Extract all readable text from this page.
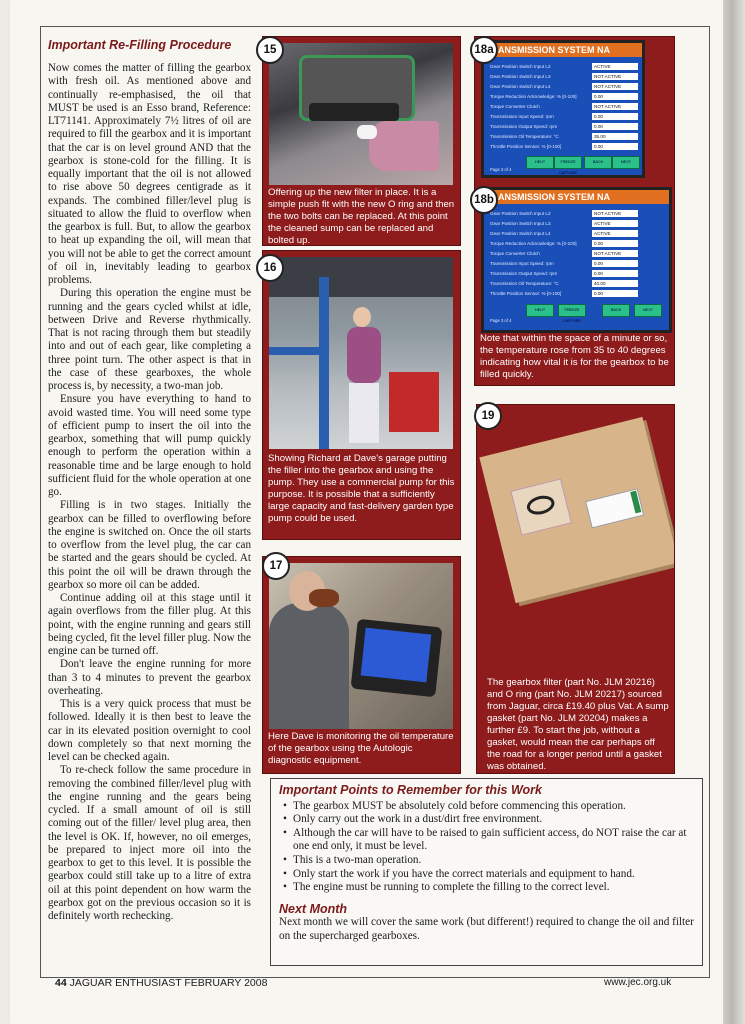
Important Re-Filling Procedure

Now comes the matter of filling the gearbox with fresh oil. As mentioned above and continually re-emphasised, the oil that MUST be used is an Esso brand, Reference: LT71141. Approximately 7½ litres of oil are required to fill the gearbox and it is important that the car is on level ground AND that the gearbox is stone-cold for the filling. It is equally important that the oil is not allowed to rise above 50 degrees centigrade as it expands. The combined filler/level plug is situated to allow the fluid to overflow when the gearbox is full. But, to allow the gearbox to heat up expanding the oil, will mean that you will not be able to get the correct amount of oil in, inevitably leading to gearbox problems.

During this operation the engine must be running and the gears cycled whilst at idle, between Drive and Reverse rhythmically. That is not racing through them but steadily into and out of each gear, like completing a three point turn. The other aspect is that in the case of these gearboxes, the whole process is, by necessity, a two-man job.

Ensure you have everything to hand to avoid wasted time. You will need some type of efficient pump to insert the oil into the gearbox, something that will pump quickly enough to perform the operation within a reasonable time and be large enough to hold sufficient fluid for the whole operation at one go.

Filling is in two stages. Initially the gearbox can be filled to overflowing before the engine is switched on. Once the oil starts to overflow from the level plug, the car can be started and the gears should be cycled. At this point the oil will be drawn through the gearbox so more oil can be added.

Continue adding oil at this stage until it again overflows from the filler plug. At this point, with the engine running and gears still being cycled, fit the level filler plug. Now the engine can be turned off.

Don't leave the engine running for more than 3 to 4 minutes to prevent the gearbox overheating.

This is a very quick process that must be followed. Ideally it is then best to leave the car in its elevated position overnight to cool down completely so that next morning the level can be checked again.

To re-check follow the same procedure in removing the combined filler/level plug with the engine running and the gears being cycled. If a small amount of oil is still coming out of the filler/ level plug area, then the level is OK. If, however, no oil emerges, be prepared to inject more oil into the gearbox to get to this level. It is possible the gearbox could still take up to a litre of extra oil at this point dependent on how warm the gearbox got on the previous occasion so it is definitely worth rechecking.

Offering up the new filter in place. It is a simple push fit with the new O ring and then the two bolts can be replaced. At this point the cleaned sump can be replaced and bolted up.
15
Showing Richard at Dave's garage putting the filler into the gearbox and using the pump. They use a commercial pump for this purpose. It is possible that a sufficiently large capacity and fast-delivery garden type pump could be used.
16
Here Dave is monitoring the oil temperature of the gearbox using the Autologic diagnostic equipment.
17
ANSMISSION SYSTEM NA
Gear Position Switch Input L2	ACTIVE
Gear Position Switch Input L3	NOT ACTIVE
Gear Position Switch Input L4	NOT ACTIVE
Torque Reduction Acknowledge: % [0-100]	0.00
Torque Converter Clutch	NOT ACTIVE
Transmission Input Speed: rpm	0.00
Transmission Output Speed: rpm	0.00
Transmission Oil Temperature: °C	35.00
Throttle Position Sensor: % [0-100]	0.00
HELP	FREEZE CAPTURE
BACK	NEXT
Page 3 of 4
ANSMISSION SYSTEM NA
Gear Position Switch Input L2	NOT ACTIVE
Gear Position Switch Input L3	ACTIVE
Gear Position Switch Input L4	ACTIVE
Torque Reduction Acknowledge: % [0-100]	0.00
Torque Converter Clutch	NOT ACTIVE
Transmission Input Speed: rpm	0.00
Transmission Output Speed: rpm	0.00
Transmission Oil Temperature: °C	40.00
Throttle Position Sensor: % [0-100]	0.00
HELP	FREEZE CAPTURE
BACK	NEXT
Page 3 of 4
Note that within the space of a minute or so, the temperature rose from 35 to 40 degrees indicating how vital it is for the gearbox to be filled quickly.
18a
18b
The gearbox filter (part No. JLM 20216) and O ring (part No. JLM 20217) sourced from Jaguar, circa £19.40 plus Vat. A sump gasket (part No. JLM 20204) makes a further £9. To start the job, without a gasket, would mean the car perhaps off the road for a longer period until a gasket was obtained.
19
Important Points to Remember for this Work
• The gearbox MUST be absolutely cold before commencing this operation.
• Only carry out the work in a dust/dirt free environment.
• Although the car will have to be raised to gain sufficient access, do NOT raise the car at one end only, it must be level.
• This is a two-man operation.
• Only start the work if you have the correct materials and equipment to hand.
• The engine must be running to complete the filling to the correct level.
Next Month
Next month we will cover the same work (but different!) required to change the oil and filter on the supercharged gearboxes.
44 JAGUAR ENTHUSIAST FEBRUARY 2008	www.jec.org.uk
